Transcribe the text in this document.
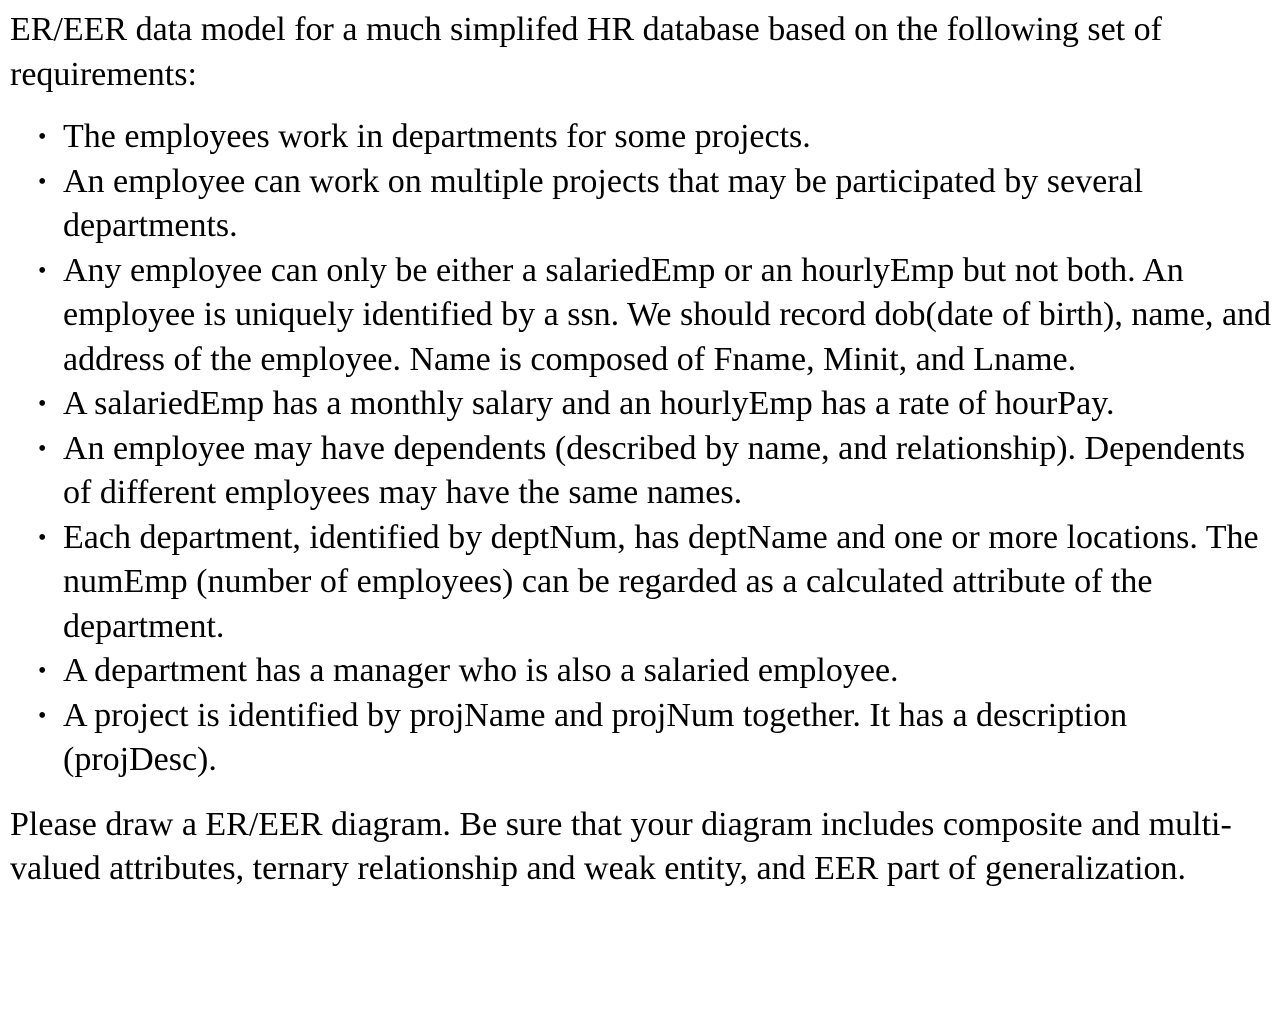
ER/EER data model for a much simplifed HR database based on the following set of requirements:

• The employees work in departments for some projects.
• An employee can work on multiple projects that may be participated by several departments.
• Any employee can only be either a salariedEmp or an hourlyEmp but not both. An employee is uniquely identified by a ssn. We should record dob(date of birth), name, and address of the employee. Name is composed of Fname, Minit, and Lname.
• A salariedEmp has a monthly salary and an hourlyEmp has a rate of hourPay.
• An employee may have dependents (described by name, and relationship). Dependents of different employees may have the same names.
• Each department, identified by deptNum, has deptName and one or more locations. The numEmp (number of employees) can be regarded as a calculated attribute of the department.
• A department has a manager who is also a salaried employee.
• A project is identified by projName and projNum together. It has a description (projDesc).

Please draw a ER/EER diagram. Be sure that your diagram includes composite and multi-valued attributes, ternary relationship and weak entity, and EER part of generalization.
